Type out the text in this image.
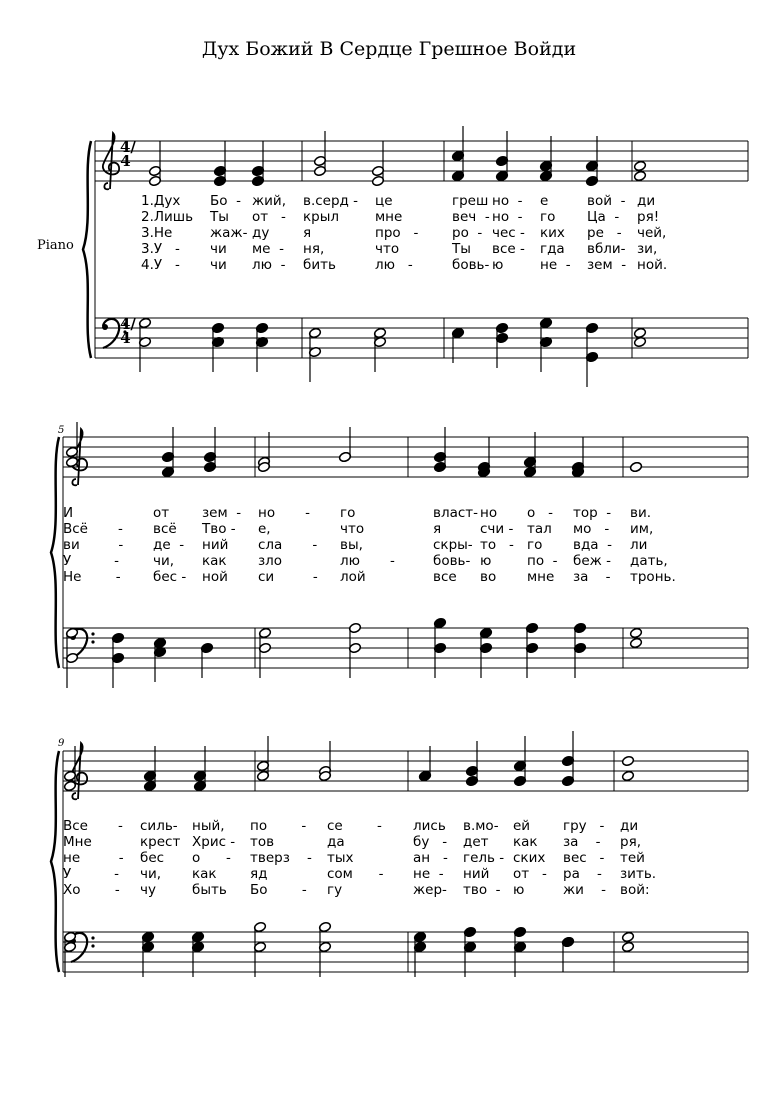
Дух Божий В Сердце Грешное Войди
Piano
5
9
4/4
4/4
1.Дух Бо  - жий, в.серд - це	греш но  - е	вой  - ди
2.Лишь Ты от   - крыл	мне	веч  - но  - го Ца  - ря!
3.Не	жаж- ду я	про   - ро  - чес - ких ре   - чей,
3.У   - чи ме  - ня,	что	Ты все - гда вбли- зи,
4.У   - чи лю  - бить	лю   -	бовь- ю	не  - зем  - ной.
И	от зем  - но       - го	власт- но о   - тор  - ви.
Всё       - всё Тво - е,	что	я	счи - тал мо   - им,
ви         - де  - ний сла       - вы,	скры- то   - го вда  - ли
У          -	чи, как зло	лю       -	бовь- ю	по  - беж - дать,
Не        - бес - ной си         - лой	все во мне за    - тронь.
Все       - силь- ный, по        - се        - лись в.мо- ей гру   - ди
Мне	крест Хрис - тов	да	бу   - дет как за    - ря,
не         - бес о      - тверз    - тых	ан   - гель - ских вес   - тей
У          - чи, как яд	сом      - не  - ний от   - ра    - зить.
Хо        - чу	быть Бо        - гу	жер- тво  - ю	жи    - вой:
